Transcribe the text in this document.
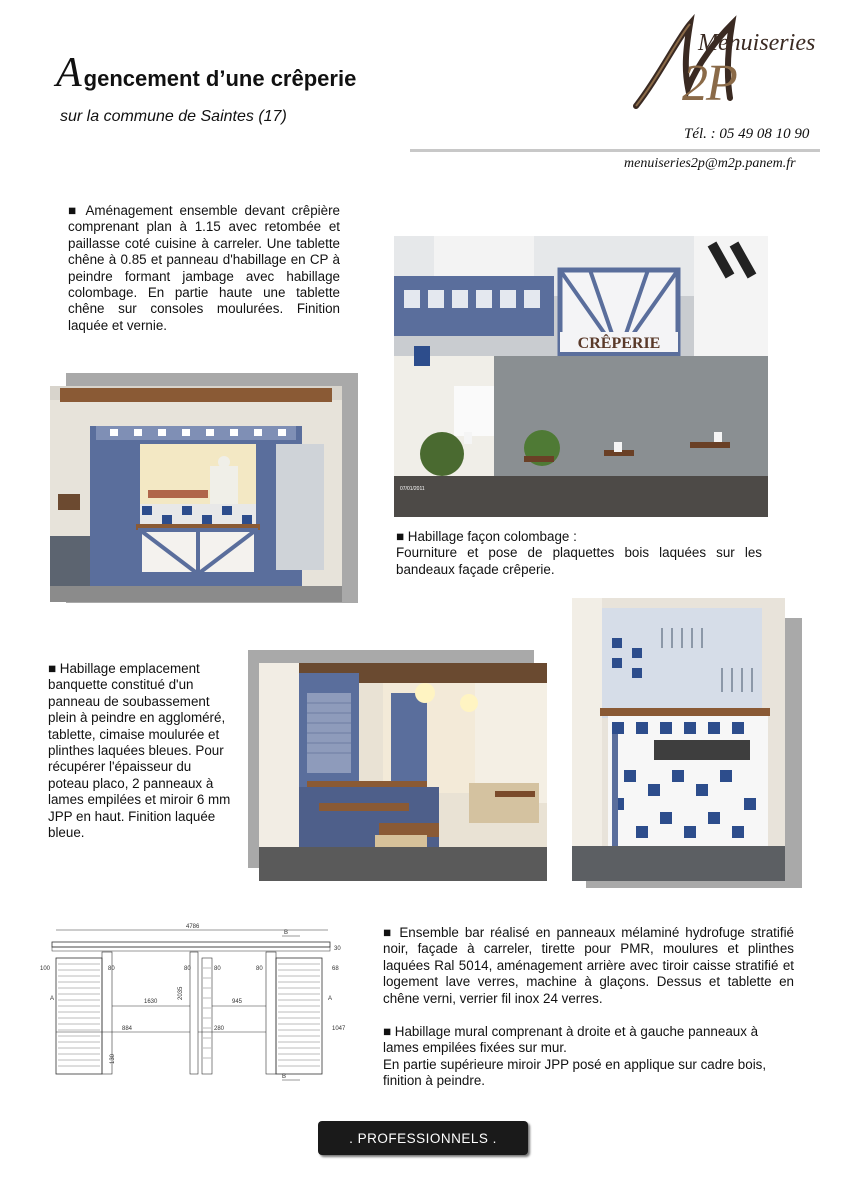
A gencement d’une crêperie
sur la commune de Saintes (17)
Menuiseries
2P
Tél. : 05 49 08 10 90
menuiseries2p@m2p.panem.fr
■ Aménagement ensemble devant crêpière comprenant plan à 1.15 avec retombée et paillasse coté cuisine à carreler. Une tablette chêne à 0.85 et panneau d'habillage en CP à peindre formant jambage avec habillage colombage. En partie haute une tablette chêne sur consoles moulurées. Finition laquée et vernie.
CRÊPERIE
07/01/2011
■ Habillage façon colombage :
Fourniture et pose de plaquettes bois laquées sur les bandeaux façade crêperie.
■ Habillage emplacement banquette constitué d'un panneau de soubassement plein à peindre en aggloméré, tablette, cimaise moulurée et plinthes laquées bleues. Pour récupérer l'épaisseur du poteau placo, 2 panneaux à lames empilées et miroir 6 mm JPP en haut. Finition laquée bleue.
4786
30
100	80	80	80	80	68
1630
2035
945
884	280	1047
130
B
B
A	A
■ Ensemble bar réalisé en panneaux mélaminé hydrofuge stratifié noir, façade à carreler, tirette pour PMR, moulures et plinthes laquées Ral 5014, aménagement arrière avec tiroir caisse stratifié et logement lave verres, machine à glaçons. Dessus et tablette en chêne verni, verrier fil inox 24 verres.
■ Habillage mural comprenant à droite et à gauche panneaux à lames empilées fixées sur mur.
En partie supérieure miroir JPP posé en applique sur cadre bois, finition à peindre.
. PROFESSIONNELS .
